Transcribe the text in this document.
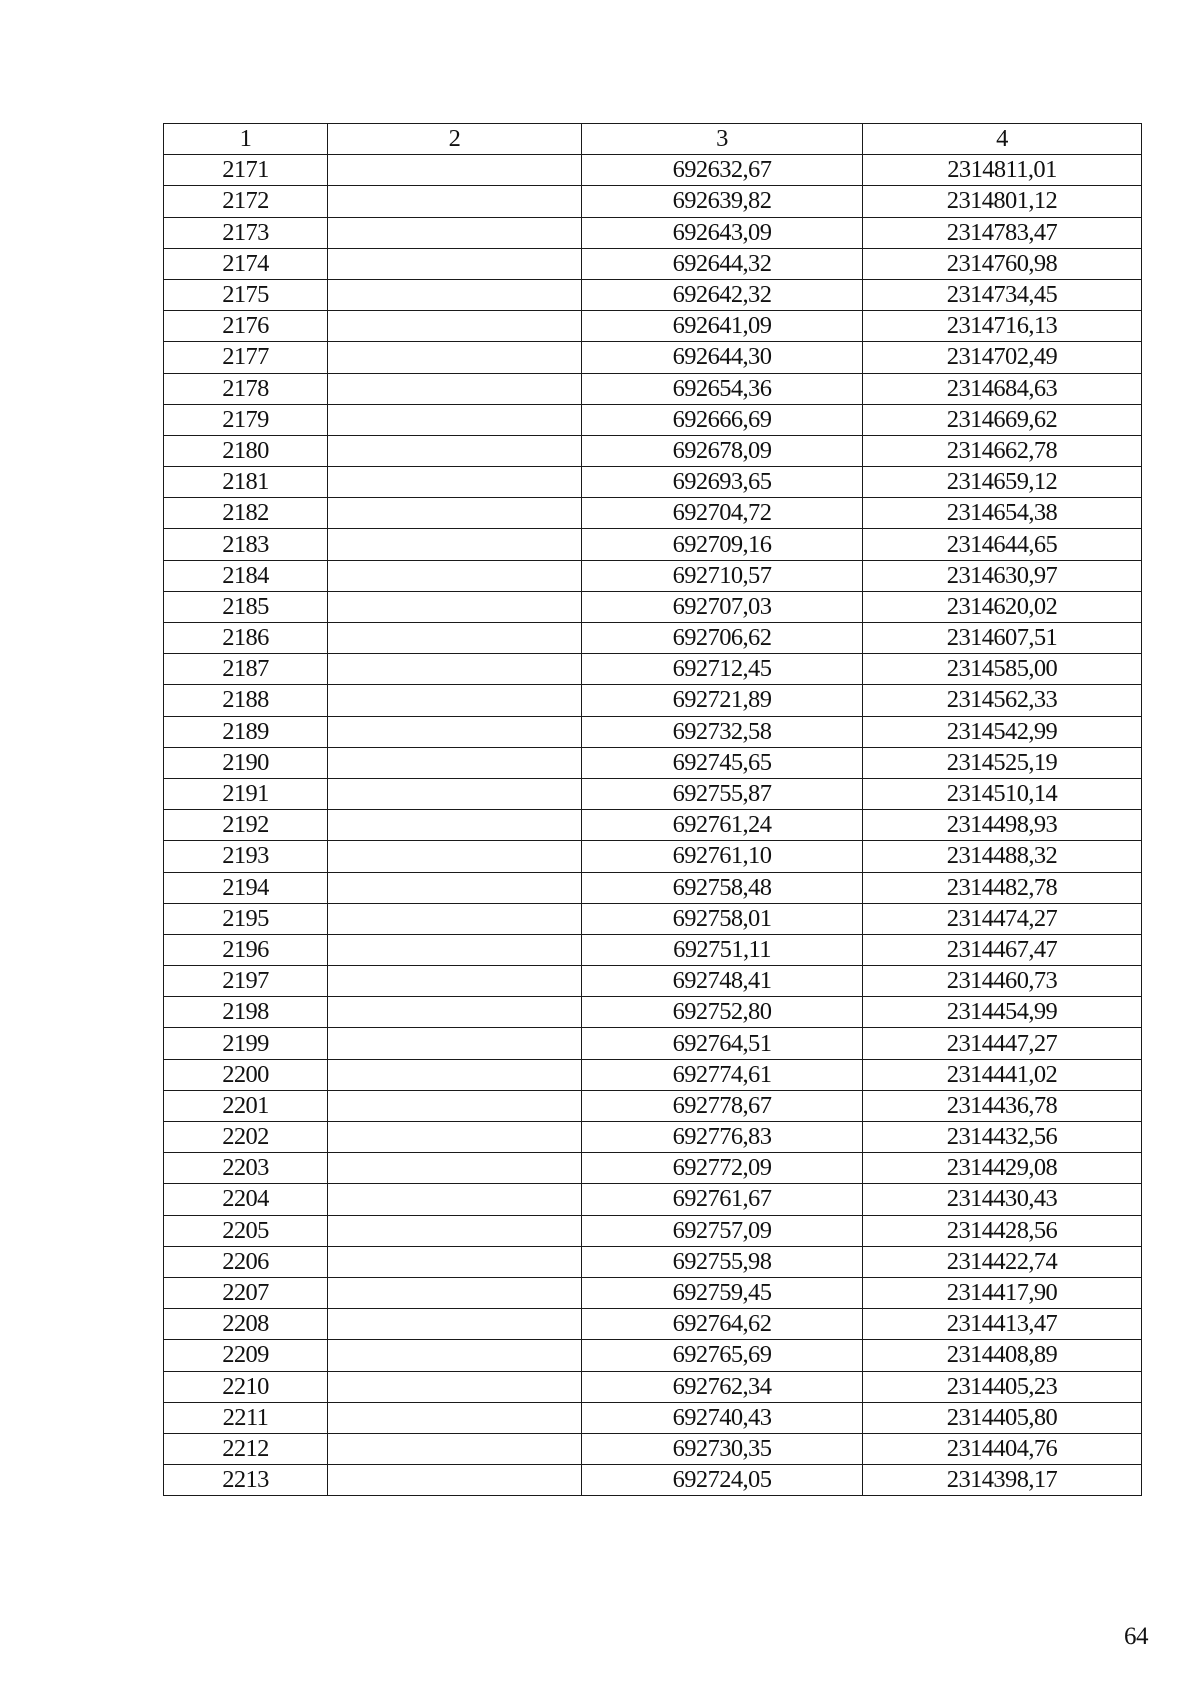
1	2	3	4
2171		692632,67	2314811,01
2172		692639,82	2314801,12
2173		692643,09	2314783,47
2174		692644,32	2314760,98
2175		692642,32	2314734,45
2176		692641,09	2314716,13
2177		692644,30	2314702,49
2178		692654,36	2314684,63
2179		692666,69	2314669,62
2180		692678,09	2314662,78
2181		692693,65	2314659,12
2182		692704,72	2314654,38
2183		692709,16	2314644,65
2184		692710,57	2314630,97
2185		692707,03	2314620,02
2186		692706,62	2314607,51
2187		692712,45	2314585,00
2188		692721,89	2314562,33
2189		692732,58	2314542,99
2190		692745,65	2314525,19
2191		692755,87	2314510,14
2192		692761,24	2314498,93
2193		692761,10	2314488,32
2194		692758,48	2314482,78
2195		692758,01	2314474,27
2196		692751,11	2314467,47
2197		692748,41	2314460,73
2198		692752,80	2314454,99
2199		692764,51	2314447,27
2200		692774,61	2314441,02
2201		692778,67	2314436,78
2202		692776,83	2314432,56
2203		692772,09	2314429,08
2204		692761,67	2314430,43
2205		692757,09	2314428,56
2206		692755,98	2314422,74
2207		692759,45	2314417,90
2208		692764,62	2314413,47
2209		692765,69	2314408,89
2210		692762,34	2314405,23
2211		692740,43	2314405,80
2212		692730,35	2314404,76
2213		692724,05	2314398,17
64
